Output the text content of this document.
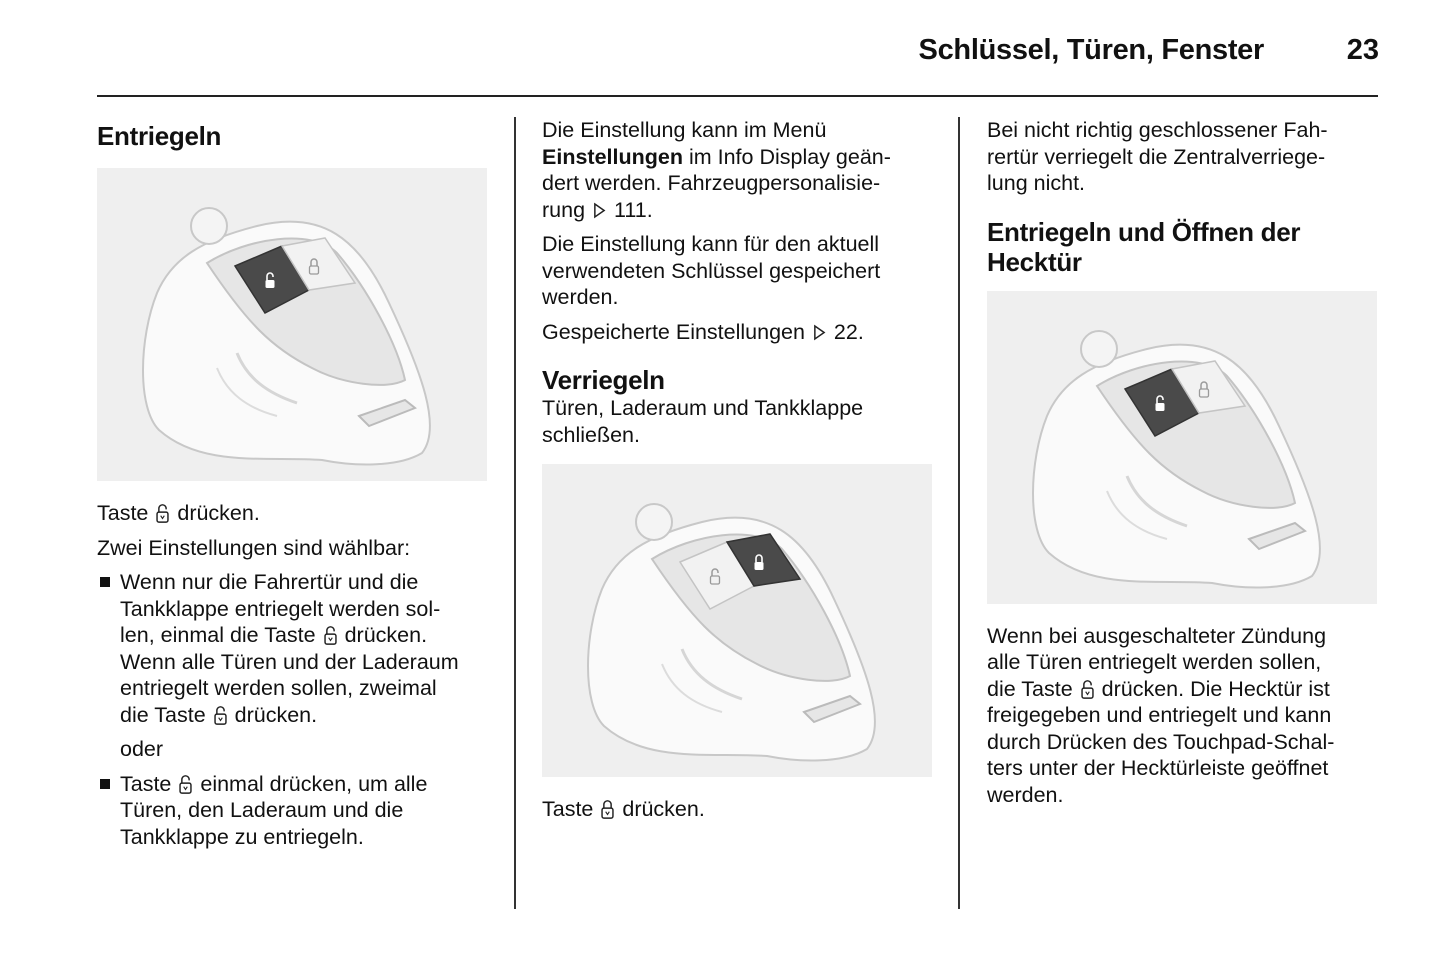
Schlüssel, Türen, Fenster	23
Entriegeln

Taste drücken.

Zwei Einstellungen sind wählbar:

Wenn nur die Fahrertür und die
Tankklappe entriegelt werden sol-
len, einmal die Taste drücken.
Wenn alle Türen und der Laderaum
entriegelt werden sollen, zweimal
die Taste drücken.

oder

Taste einmal drücken, um alle
Türen, den Laderaum und die
Tankklappe zu entriegeln.

Die Einstellung kann im Menü
Einstellungen im Info Display geän-
dert werden. Fahrzeugpersonalisie-
rung 111.

Die Einstellung kann für den aktuell
verwendeten Schlüssel gespeichert
werden.

Gespeicherte Einstellungen 22.

Verriegeln

Türen, Laderaum und Tankklappe
schließen.

Taste drücken.

Bei nicht richtig geschlossener Fah-
rertür verriegelt die Zentralverriege-
lung nicht.

Entriegeln und Öffnen der
Hecktür

Wenn bei ausgeschalteter Zündung
alle Türen entriegelt werden sollen,
die Taste drücken. Die Hecktür ist
freigegeben und entriegelt und kann
durch Drücken des Touchpad-Schal-
ters unter der Hecktürleiste geöffnet
werden.
